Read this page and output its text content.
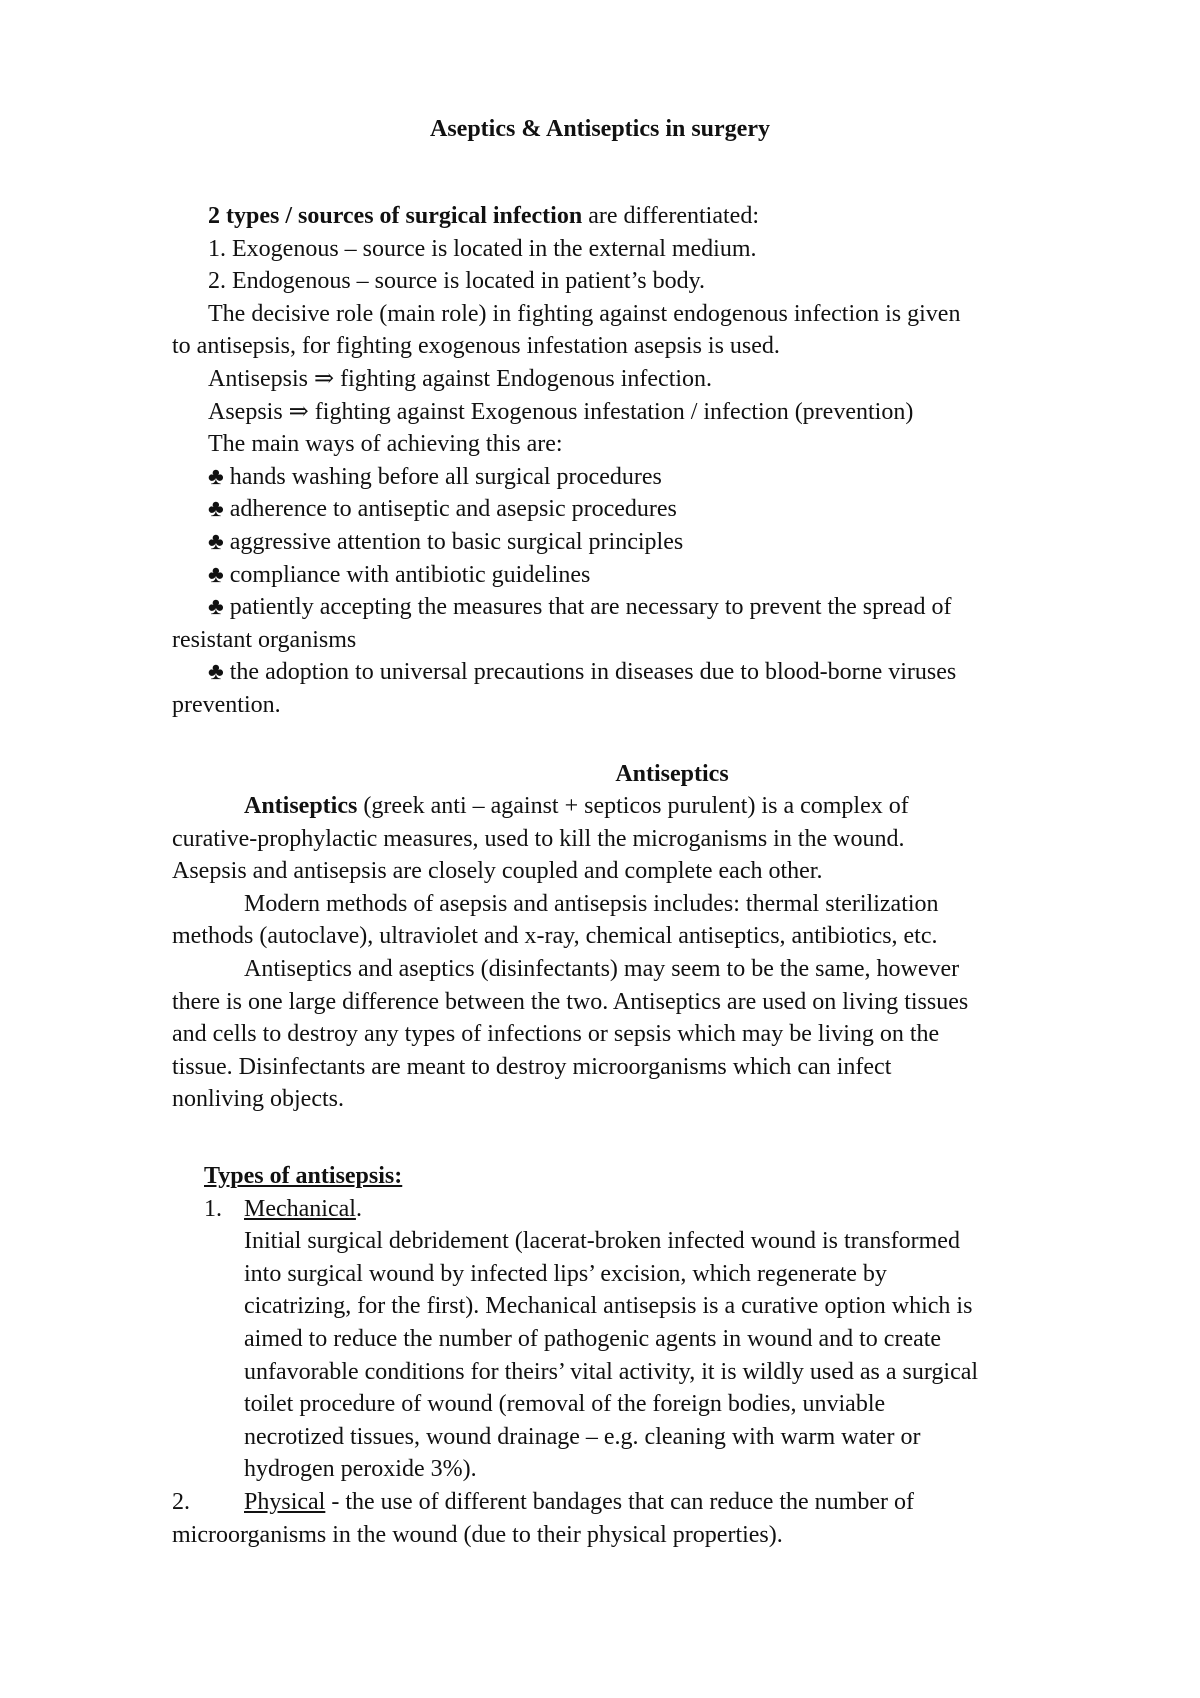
Aseptics & Antiseptics in surgery
2 types / sources of surgical infection are differentiated:
1. Exogenous – source is located in the external medium.
2. Endogenous – source is located in patient’s body.
The decisive role (main role) in fighting against endogenous infection is given
to antisepsis, for fighting exogenous infestation asepsis is used.
Antisepsis ⇒ fighting against Endogenous infection.
Asepsis ⇒ fighting against Exogenous infestation / infection (prevention)
The main ways of achieving this are:
♣ hands washing before all surgical procedures
♣ adherence to antiseptic and asepsic procedures
♣ aggressive attention to basic surgical principles
♣ compliance with antibiotic guidelines
♣ patiently accepting the measures that are necessary to prevent the spread of
resistant organisms
♣ the adoption to universal precautions in diseases due to blood-borne viruses
prevention.
Antiseptics
Antiseptics (greek anti – against + septicos purulent) is a complex of
curative-prophylactic measures, used to kill the microganisms in the wound.
Asepsis and antisepsis are closely coupled and complete each other.
Modern methods of asepsis and antisepsis includes: thermal sterilization
methods (autoclave), ultraviolet and x-ray, chemical antiseptics, antibiotics, etc.
Antiseptics and aseptics (disinfectants) may seem to be the same, however
there is one large difference between the two. Antiseptics are used on living tissues
and cells to destroy any types of infections or sepsis which may be living on the
tissue. Disinfectants are meant to destroy microorganisms which can infect
nonliving objects.
Types of antisepsis:
1. Mechanical.
Initial surgical debridement (lacerat-broken infected wound is transformed
into surgical wound by infected lips’ excision, which regenerate by
cicatrizing, for the first). Mechanical antisepsis is a curative option which is
aimed to reduce the number of pathogenic agents in wound and to create
unfavorable conditions for theirs’ vital activity, it is wildly used as a surgical
toilet procedure of wound (removal of the foreign bodies, unviable
necrotized tissues, wound drainage – e.g. cleaning with warm water or
hydrogen peroxide 3%).
2.	Physical - the use of different bandages that can reduce the number of
microorganisms in the wound (due to their physical properties).
